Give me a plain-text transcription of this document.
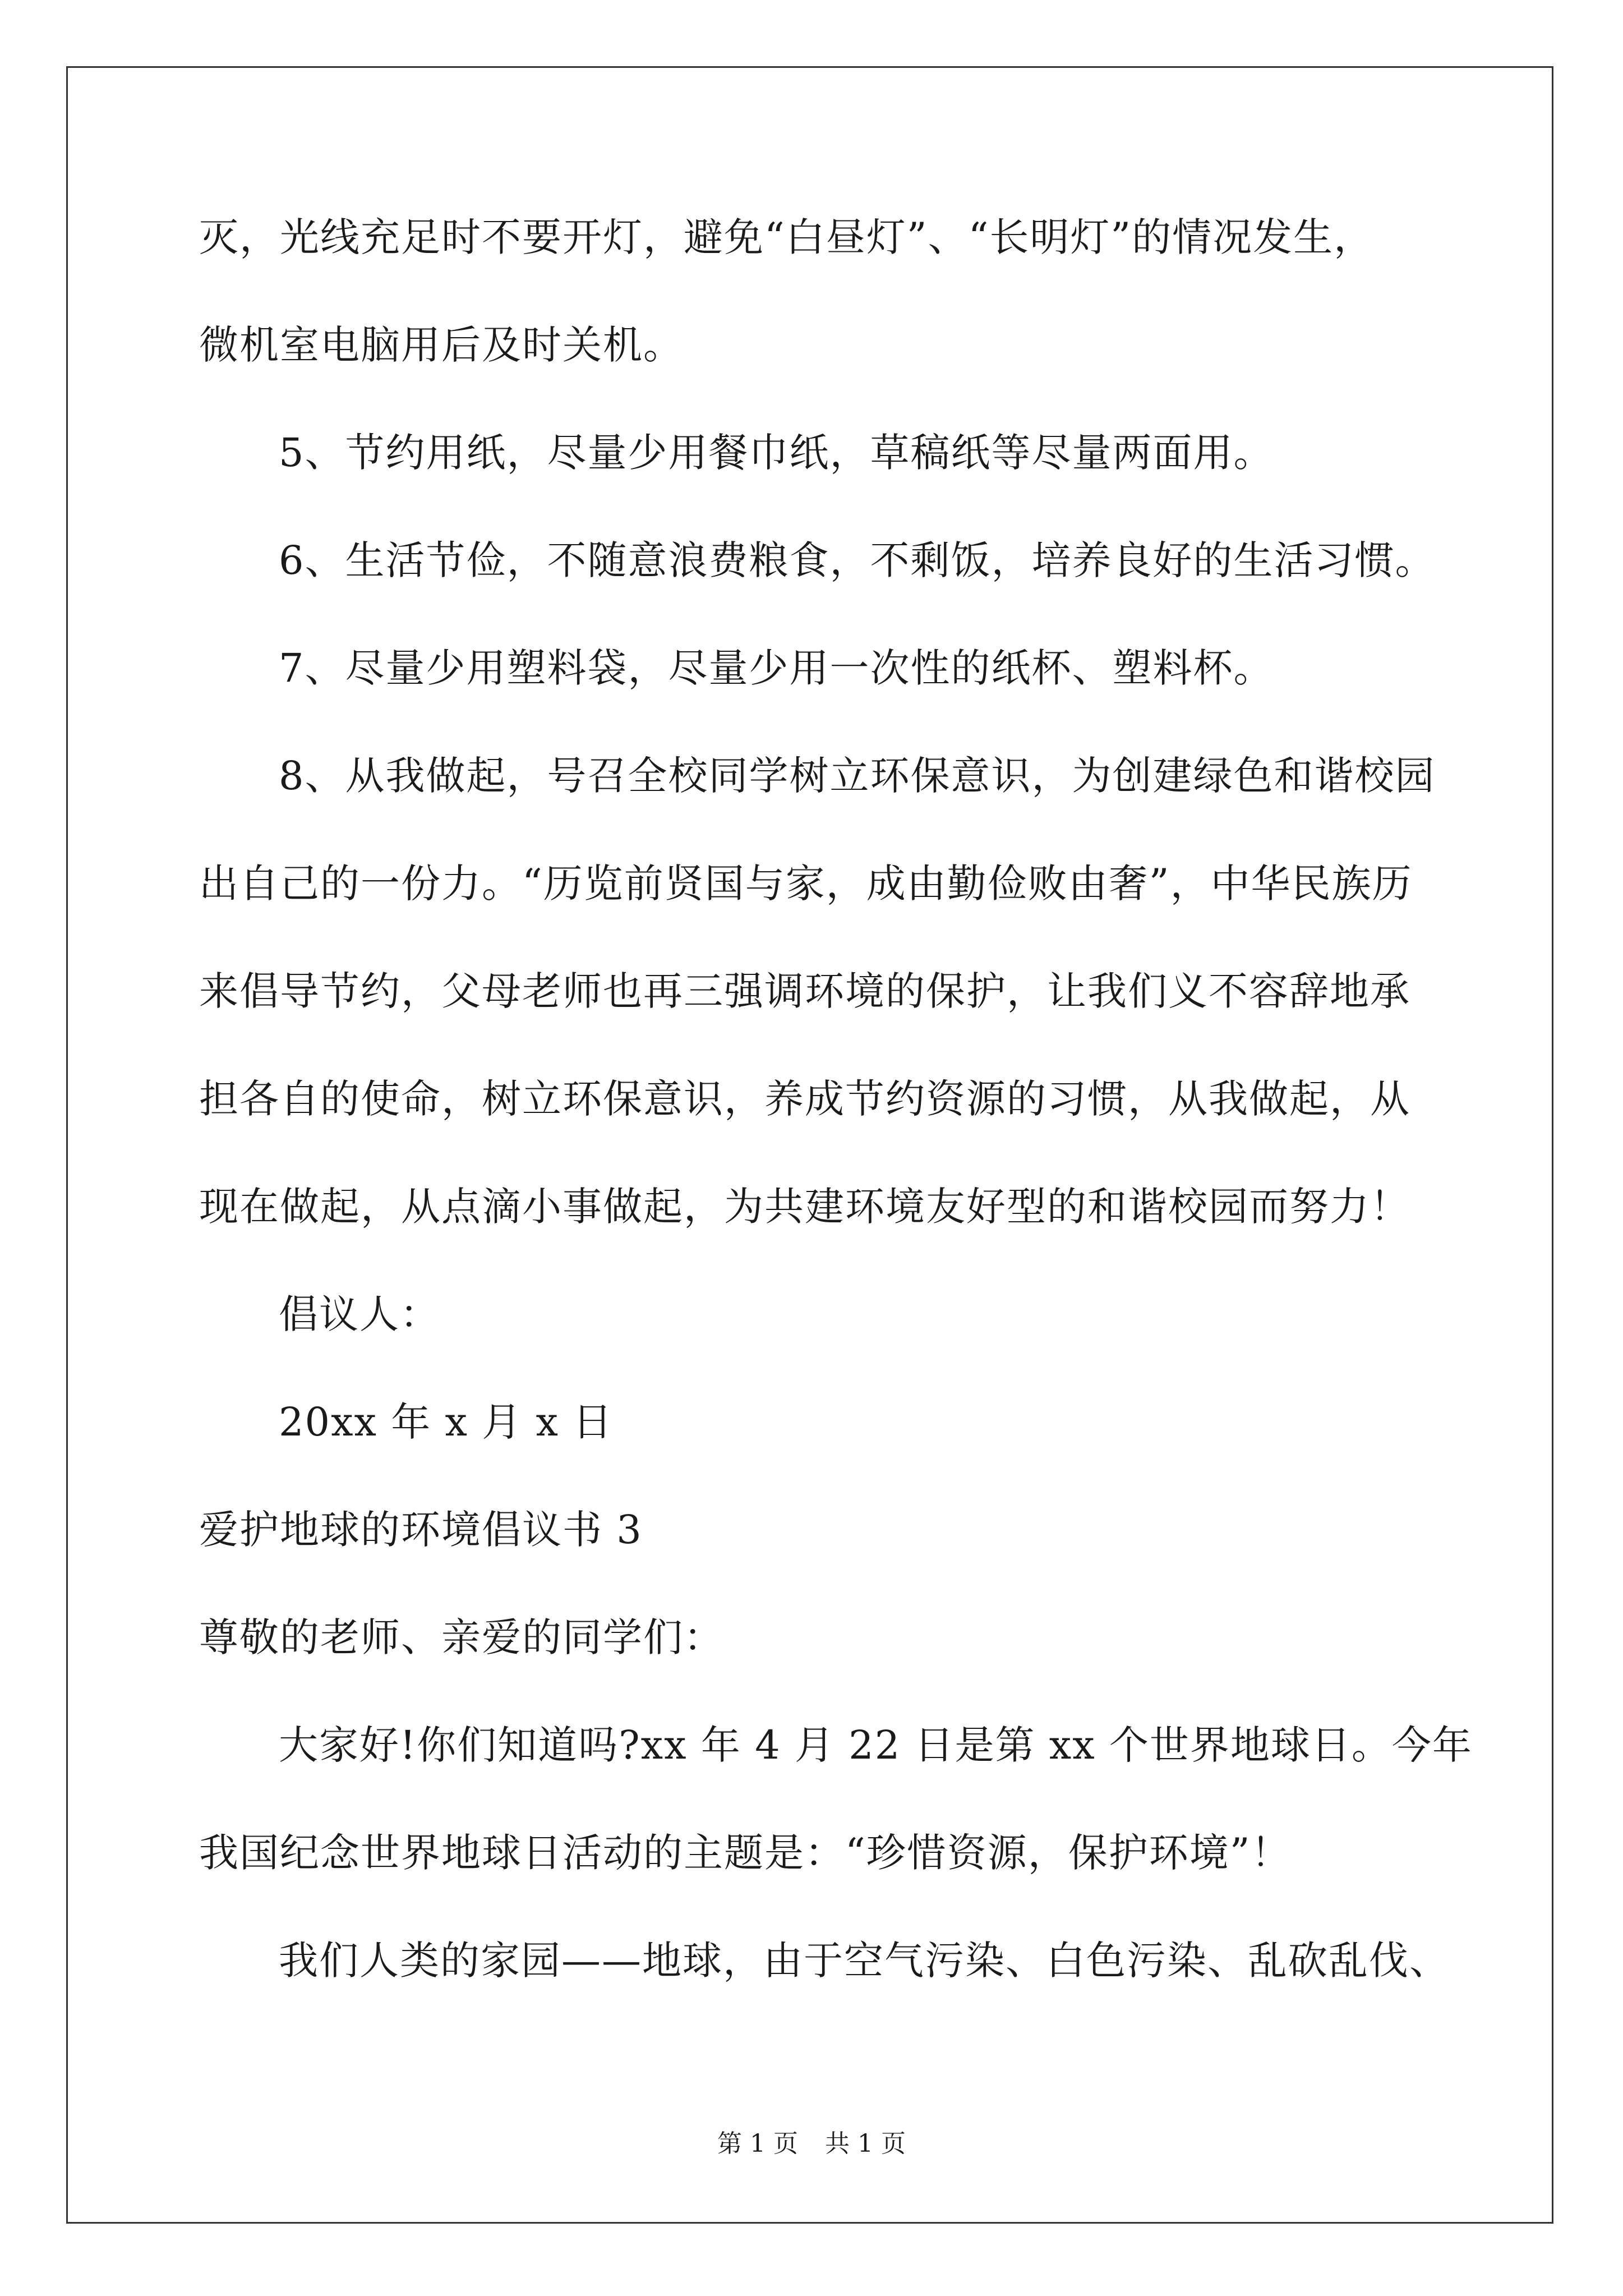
灭，光线充足时不要开灯，避免“白昼灯”、“长明灯”的情况发生，
微机室电脑用后及时关机。
5、节约用纸，尽量少用餐巾纸，草稿纸等尽量两面用。
6、生活节俭，不随意浪费粮食，不剩饭，培养良好的生活习惯。
7、尽量少用塑料袋，尽量少用一次性的纸杯、塑料杯。
8、从我做起，号召全校同学树立环保意识，为创建绿色和谐校园
出自己的一份力。“历览前贤国与家，成由勤俭败由奢”，中华民族历
来倡导节约，父母老师也再三强调环境的保护，让我们义不容辞地承
担各自的使命，树立环保意识，养成节约资源的习惯，从我做起，从
现在做起，从点滴小事做起，为共建环境友好型的和谐校园而努力！
倡议人：
20xx 年 x 月 x 日
爱护地球的环境倡议书 3
尊敬的老师、亲爱的同学们：
大家好!你们知道吗?xx 年 4 月 22 日是第 xx 个世界地球日。今年
我国纪念世界地球日活动的主题是：“珍惜资源，保护环境”！
我们人类的家园——地球，由于空气污染、白色污染、乱砍乱伐、
第 1 页 共 1 页
